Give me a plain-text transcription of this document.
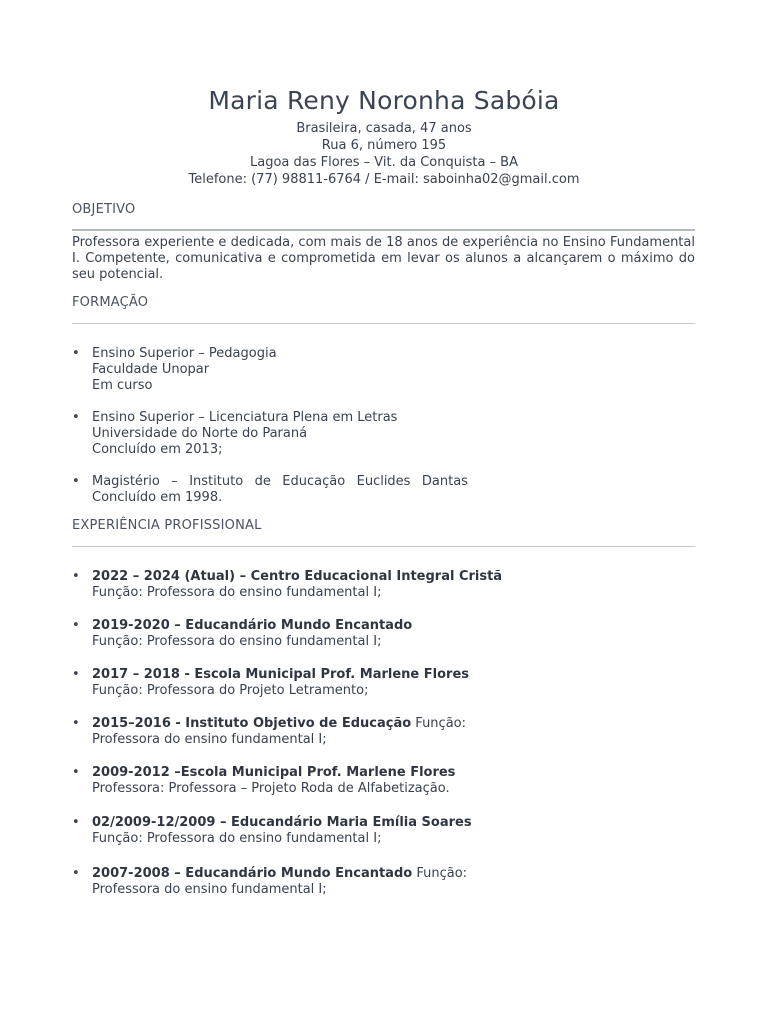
Maria Reny Noronha Sabóia
Brasileira, casada, 47 anos
Rua 6, número 195
Lagoa das Flores – Vit. da Conquista – BA
Telefone: (77) 98811-6764 / E-mail: saboinha02@gmail.com
OBJETIVO
Professora experiente e dedicada, com mais de 18 anos de experiência no Ensino Fundamental I. Competente, comunicativa e comprometida em levar os alunos a alcançarem o máximo do seu potencial.
FORMAÇÃO
• Ensino Superior – Pedagogia
Faculdade Unopar
Em curso
• Ensino Superior – Licenciatura Plena em Letras
Universidade do Norte do Paraná
Concluído em 2013;
• Magistério – Instituto de Educação Euclides Dantas
Concluído em 1998.
EXPERIÊNCIA PROFISSIONAL
• 2022 – 2024 (Atual) – Centro Educacional Integral Cristã
Função: Professora do ensino fundamental I;
• 2019-2020 – Educandário Mundo Encantado
Função: Professora do ensino fundamental I;
• 2017 – 2018 - Escola Municipal Prof. Marlene Flores
Função: Professora do Projeto Letramento;
• 2015–2016 - Instituto Objetivo de Educação Função:
Professora do ensino fundamental I;
• 2009-2012 –Escola Municipal Prof. Marlene Flores
Professora: Professora – Projeto Roda de Alfabetização.
• 02/2009-12/2009 – Educandário Maria Emília Soares
Função: Professora do ensino fundamental I;
• 2007-2008 – Educandário Mundo Encantado Função:
Professora do ensino fundamental I;
